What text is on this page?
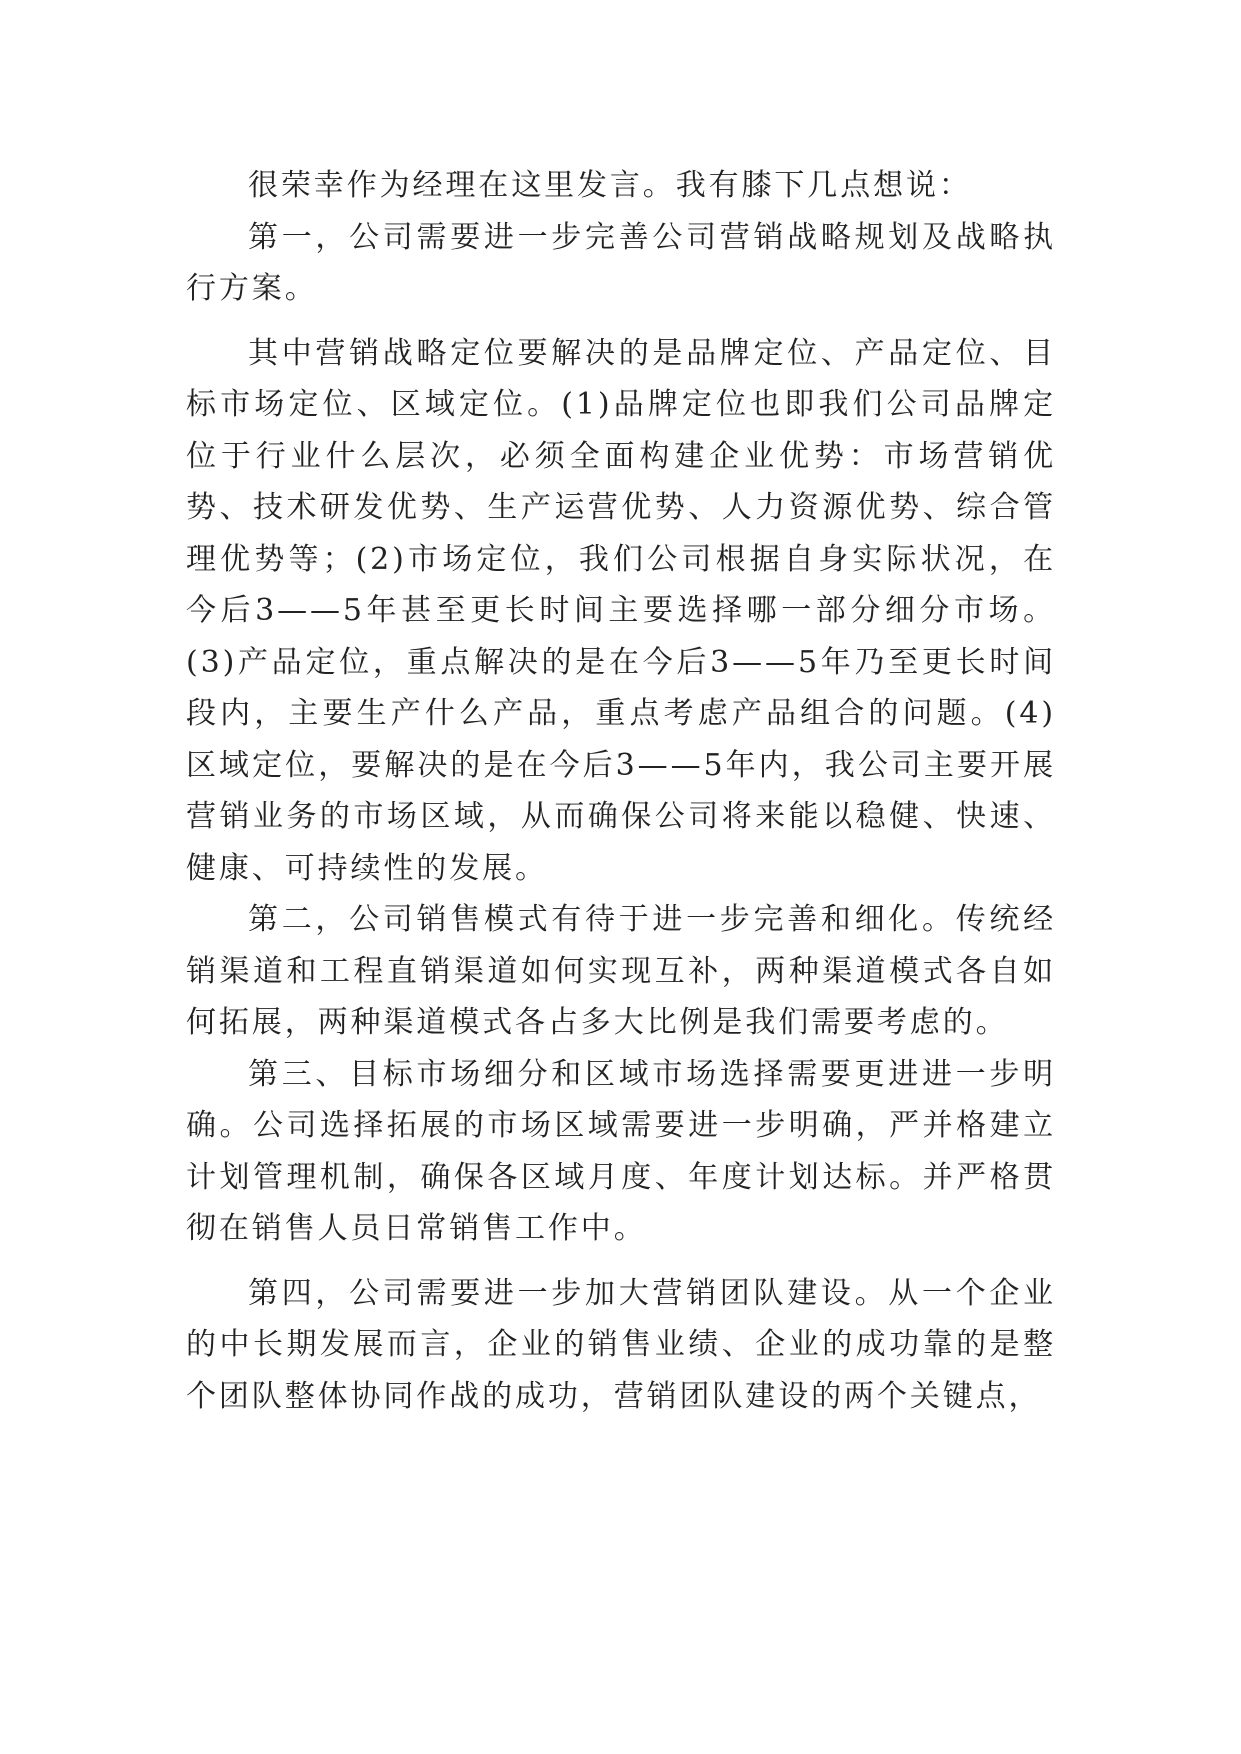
很荣幸作为经理在这里发言。我有膝下几点想说：

第一，公司需要进一步完善公司营销战略规划及战略执行方案。

其中营销战略定位要解决的是品牌定位、产品定位、目标市场定位、区域定位。(1)品牌定位也即我们公司品牌定位于行业什么层次，必须全面构建企业优势：市场营销优势、技术研发优势、生产运营优势、人力资源优势、综合管理优势等；(2)市场定位，我们公司根据自身实际状况，在今后3——5年甚至更长时间主要选择哪一部分细分市场。(3)产品定位，重点解决的是在今后3——5年乃至更长时间段内，主要生产什么产品，重点考虑产品组合的问题。(4)区域定位，要解决的是在今后3——5年内，我公司主要开展营销业务的市场区域，从而确保公司将来能以稳健、快速、健康、可持续性的发展。

第二，公司销售模式有待于进一步完善和细化。传统经销渠道和工程直销渠道如何实现互补，两种渠道模式各自如何拓展，两种渠道模式各占多大比例是我们需要考虑的。

第三、目标市场细分和区域市场选择需要更进进一步明确。公司选择拓展的市场区域需要进一步明确，严并格建立计划管理机制，确保各区域月度、年度计划达标。并严格贯彻在销售人员日常销售工作中。

第四，公司需要进一步加大营销团队建设。从一个企业的中长期发展而言，企业的销售业绩、企业的成功靠的是整个团队整体协同作战的成功，营销团队建设的两个关键点，
